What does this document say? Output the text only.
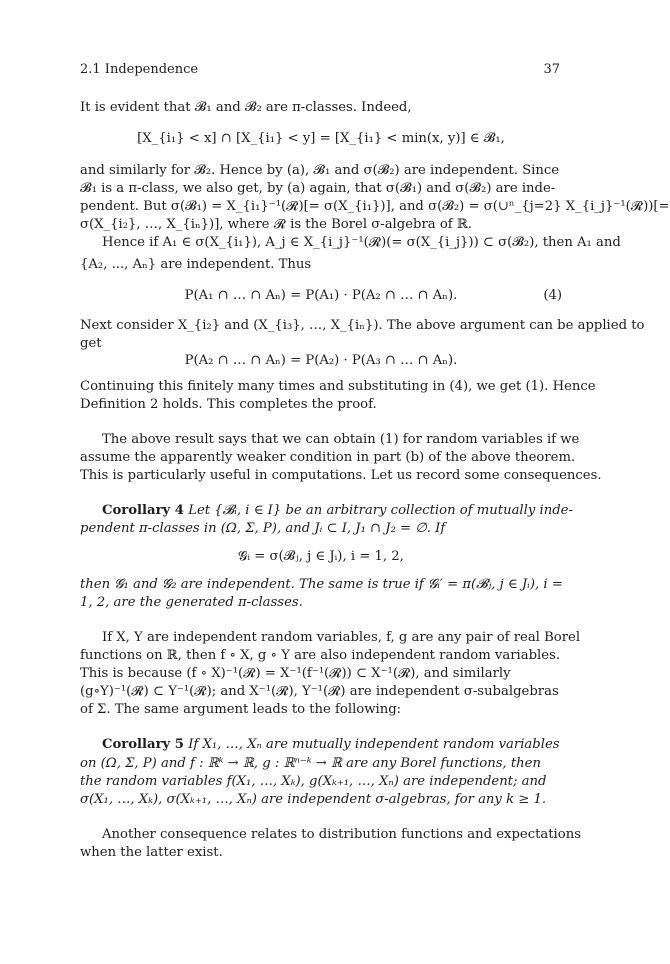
2.1 Independence	37
It is evident that 𝓑₁ and 𝓑₂ are π-classes. Indeed,
[X_{i₁} < x] ∩ [X_{i₁} < y] = [X_{i₁} < min(x, y)] ∈ 𝓑₁,
and similarly for 𝓑₂. Hence by (a), 𝓑₁ and σ(𝓑₂) are independent. Since
𝓑₁ is a π-class, we also get, by (a) again, that σ(𝓑₁) and σ(𝓑₂) are inde-
pendent. But σ(𝓑₁) = X_{i₁}⁻¹(𝓡)[= σ(X_{i₁})], and σ(𝓑₂) = σ(∪ⁿ_{j=2} X_{i_j}⁻¹(𝓡))[=
σ(X_{i₂}, …, X_{iₙ})], where 𝓡 is the Borel σ-algebra of ℝ.
Hence if A₁ ∈ σ(X_{i₁}), A_j ∈ X_{i_j}⁻¹(𝓡)(= σ(X_{i_j})) ⊂ σ(𝓑₂), then A₁ and
{A₂, ..., Aₙ} are independent. Thus
P(A₁ ∩ … ∩ Aₙ) = P(A₁) · P(A₂ ∩ … ∩ Aₙ).	(4)
Next consider X_{i₂} and (X_{i₃}, …, X_{iₙ}). The above argument can be applied to
get
P(A₂ ∩ … ∩ Aₙ) = P(A₂) · P(A₃ ∩ … ∩ Aₙ).
Continuing this finitely many times and substituting in (4), we get (1). Hence
Definition 2 holds. This completes the proof.
The above result says that we can obtain (1) for random variables if we
assume the apparently weaker condition in part (b) of the above theorem.
This is particularly useful in computations. Let us record some consequences.
Corollary 4 Let {𝓑ᵢ, i ∈ I} be an arbitrary collection of mutually inde-
pendent π-classes in (Ω, Σ, P), and Jᵢ ⊂ I, J₁ ∩ J₂ = ∅. If
𝓖ᵢ = σ(𝓑ⱼ, j ∈ Jᵢ), i = 1, 2,
then 𝓖₁ and 𝓖₂ are independent. The same is true if 𝓖ᵢ′ = π(𝓑ⱼ, j ∈ Jᵢ), i =
1, 2, are the generated π-classes.
If X, Y are independent random variables, f, g are any pair of real Borel
functions on ℝ, then f ∘ X, g ∘ Y are also independent random variables.
This is because (f ∘ X)⁻¹(𝓡) = X⁻¹(f⁻¹(𝓡)) ⊂ X⁻¹(𝓡), and similarly
(g∘Y)⁻¹(𝓡) ⊂ Y⁻¹(𝓡); and X⁻¹(𝓡), Y⁻¹(𝓡) are independent σ-subalgebras
of Σ. The same argument leads to the following:
Corollary 5 If X₁, …, Xₙ are mutually independent random variables
on (Ω, Σ, P) and f : ℝᵏ → ℝ, g : ℝⁿ⁻ᵏ → ℝ are any Borel functions, then
the random variables f(X₁, …, Xₖ), g(Xₖ₊₁, …, Xₙ) are independent; and
σ(X₁, …, Xₖ), σ(Xₖ₊₁, …, Xₙ) are independent σ-algebras, for any k ≥ 1.
Another consequence relates to distribution functions and expectations
when the latter exist.
